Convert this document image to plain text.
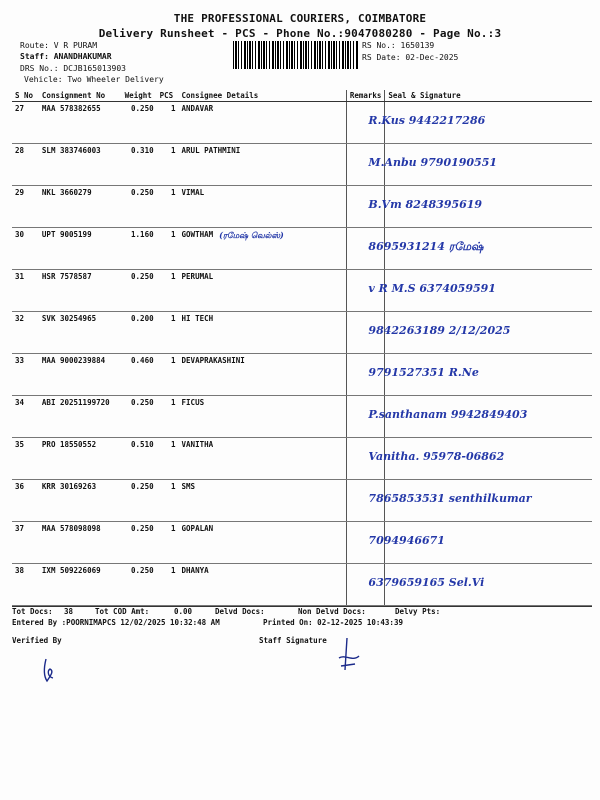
THE PROFESSIONAL COURIERS, COIMBATORE
Delivery Runsheet - PCS - Phone No.:9047080280 - Page No.:3
Route: V R PURAM
Staff: ANANDHAKUMAR
DRS No.: DCJB165013903
Vehicle: Two Wheeler Delivery
RS No.: 1650139
RS Date: 02-Dec-2025
S No	Consignment No	Weight	PCS	Consignee Details	Remarks	Seal & Signature
27	MAA 578382655	0.250	1	ANDAVAR		R.Kus 9442217286
28	SLM 383746003	0.310	1	ARUL PATHMINI		M.Anbu 9790190551
29	NKL 3660279	0.250	1	VIMAL		B.Vm 8248395619
30	UPT 9005199	1.160	1	GOWTHAM (ரமேஷ் வெல்ஸ்)		8695931214 ரமேஷ்
31	HSR 7578587	0.250	1	PERUMAL		v R M.S 6374059591
32	SVK 30254965	0.200	1	HI TECH		9842263189 2/12/2025
33	MAA 9000239884	0.460	1	DEVAPRAKASHINI		9791527351 R.Ne
34	ABI 20251199720	0.250	1	FICUS		P.santhanam 9942849403
35	PRO 18550552	0.510	1	VANITHA		Vanitha. 95978-06862
36	KRR 30169263	0.250	1	SMS		7865853531 senthilkumar
37	MAA 578098098	0.250	1	GOPALAN		7094946671
38	IXM 509226069	0.250	1	DHANYA		6379659165 Sel.Vi
Tot Docs: 38	Tot COD Amt:	0.00	Delvd Docs:	Non Delvd Docs:	Delvy Pts:
Entered By :POORNIMAPCS 12/02/2025 10:32:48 AM	Printed On: 02-12-2025 10:43:39
Verified By	Staff Signature
